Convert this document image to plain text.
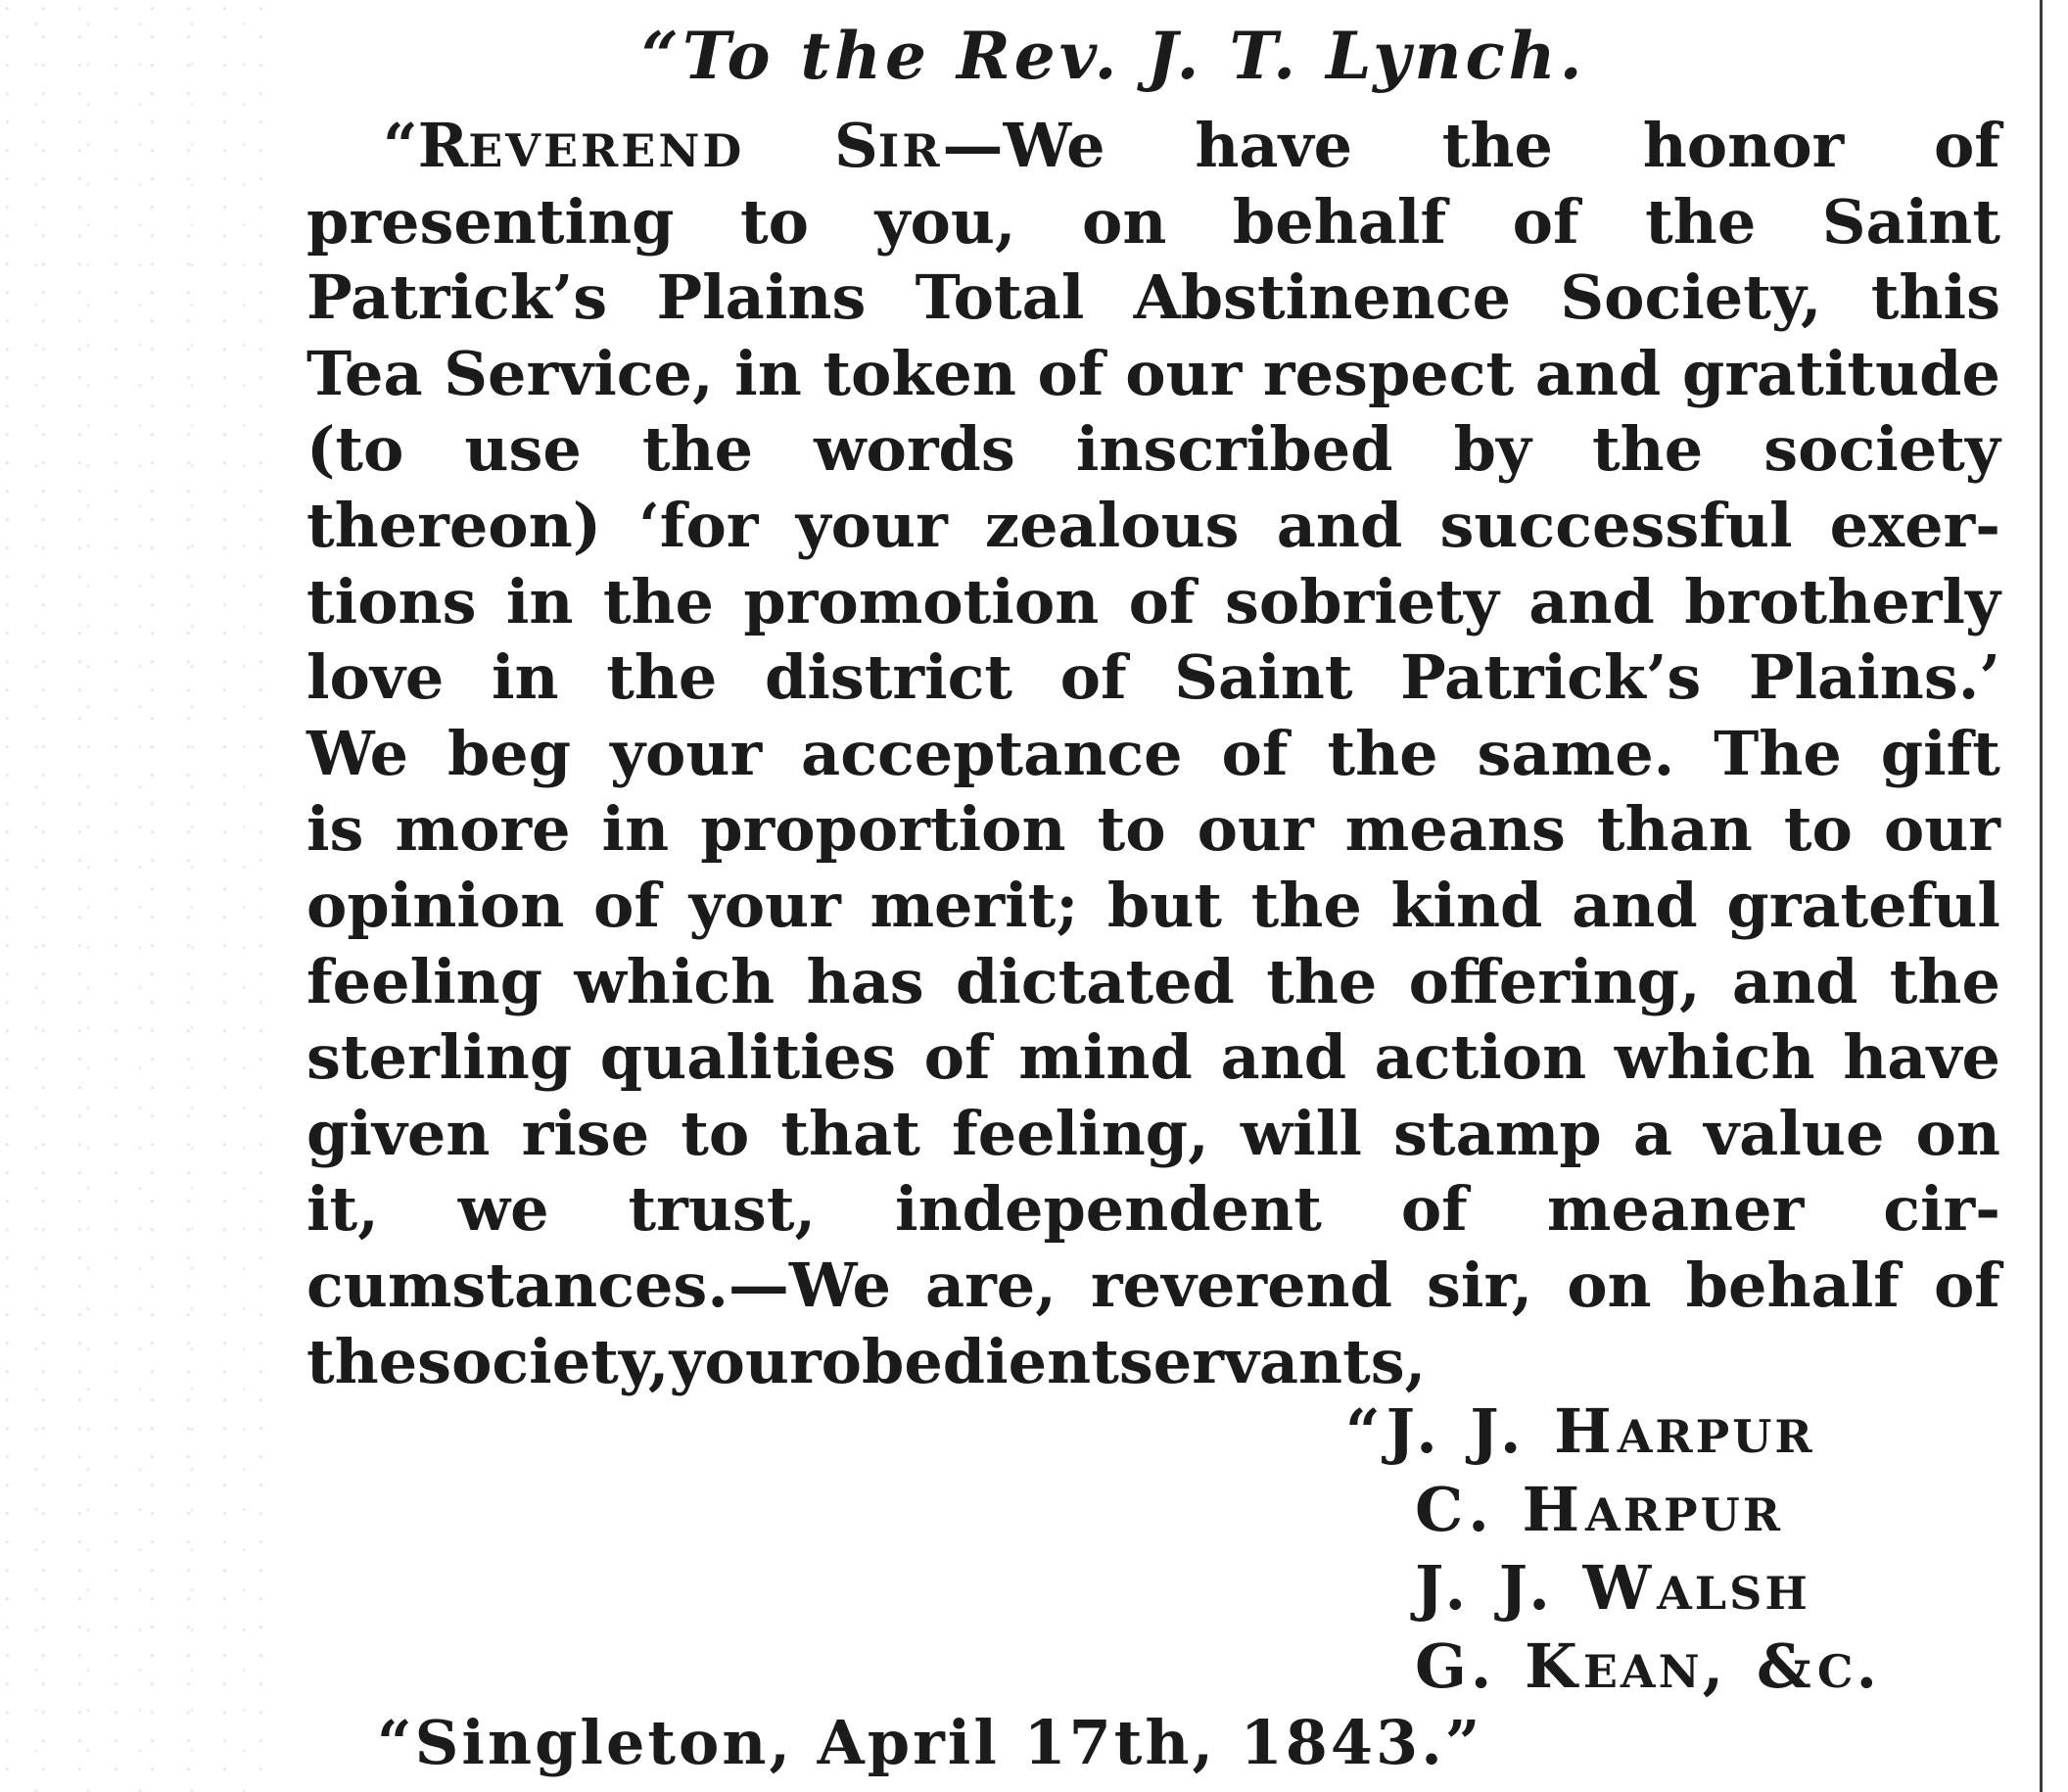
“To the Rev. J. T. Lynch.
“REVEREND SIR—We have the honor of
presenting to you, on behalf of the Saint
Patrick’s Plains Total Abstinence Society, this
Tea Service, in token of our respect and gratitude
(to use the words inscribed by the society
thereon) ‘for your zealous and successful exer-
tions in the promotion of sobriety and brotherly
love in the district of Saint Patrick’s Plains.’
We beg your acceptance of the same. The gift
is more in proportion to our means than to our
opinion of your merit; but the kind and grateful
feeling which has dictated the offering, and the
sterling qualities of mind and action which have
given rise to that feeling, will stamp a value on
it, we trust, independent of meaner cir-
cumstances.—We are, reverend sir, on behalf of
the society, your obedient servants,
“J. J. HARPUR
C. HARPUR
J. J. WALSH
G. KEAN, &C.

“Singleton, April 17th, 1843.”
